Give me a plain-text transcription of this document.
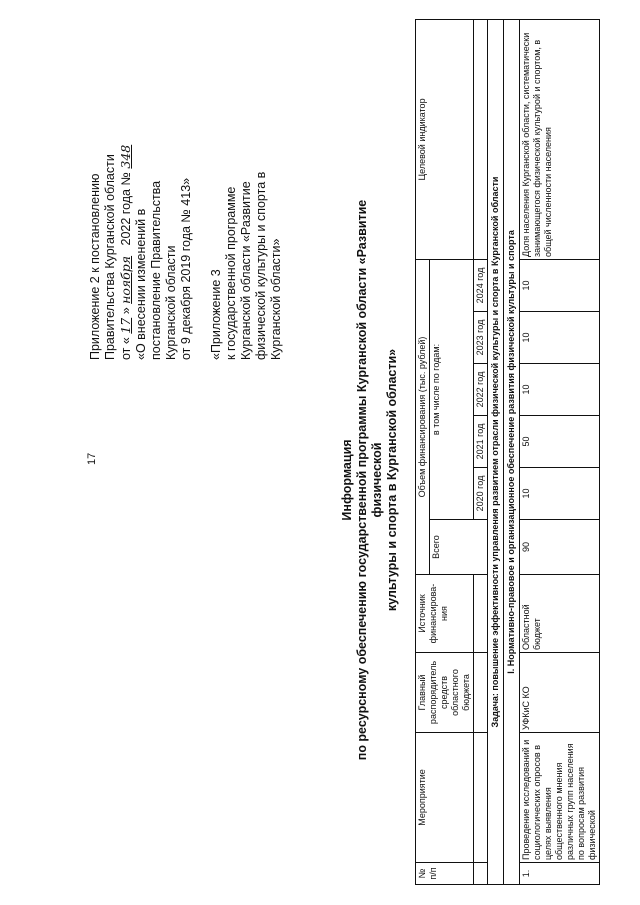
17
Приложение 2 к постановлению Правительства Курганской области от « 17 » ноября   2022 года № 348
«О внесении изменений в постановление Правительства Курганской области от 9 декабря 2019 года № 413» «Приложение 3 к государственной программе Курганской области «Развитие физической культуры и спорта в Курганской области»
Информация по ресурсному обеспечению государственной программы Курганской области «Развитие физической культуры и спорта в Курганской области»
№ п/п	Мероприятие	Главный распорядитель средств областного бюджета	Источник финансирова-ния	Объем финансирования (тыс. рублей)						Целевой индикатор
				Всего	в том числе по годам:					
					2020 год	2021 год	2022 год	2023 год	2024 год	
Задача: повышение эффективности управления развитием отрасли физической культуры и спорта в Курганской области										
I. Нормативно-правовое и организационное обеспечение развития физической культуры и спорта										
1.	Проведение исследований и социологических опросов в целях выявления общественного мнения различных групп населения по вопросам развития физической	УФКиС КО	Областной бюджет	90	10	50	10	10	10	Доля населения Курганской области, систематически занимающегося физической культурой и спортом, в общей численности населения
